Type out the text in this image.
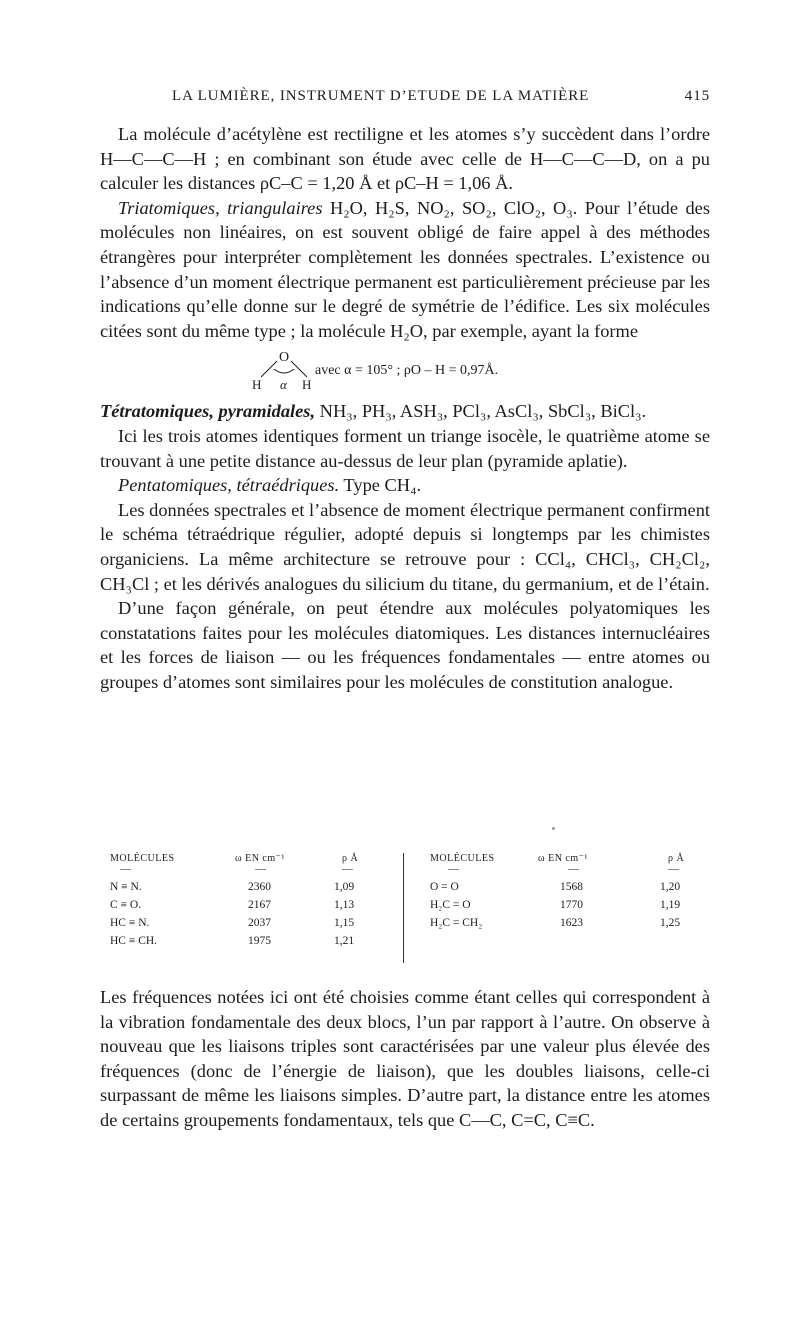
LA LUMIÈRE, INSTRUMENT D’ETUDE DE LA MATIÈRE	415

La molécule d’acétylène est rectiligne et les atomes s’y succèdent dans l’ordre H—C—C—H ; en combinant son étude avec celle de H—C—C—D, on a pu calculer les distances ρC–C = 1,20 Å et ρC–H = 1,06 Å.

Triatomiques, triangulaires H₂O, H₂S, NO₂, SO₂, ClO₂, O₃. Pour l’étude des molécules non linéaires, on est souvent obligé de faire appel à des méthodes étrangères pour interpréter complètement les données spectrales. L’existence ou l’absence d’un moment électrique permanent est particulièrement précieuse par les indications qu’elle donne sur le degré de symétrie de l’édifice. Les six molécules citées sont du même type ; la molécule H₂O, par exemple, ayant la forme

O
H α H
avec α = 105° ; ρO – H = 0,97Å.

Tétratomiques, pyramidales, NH₃, PH₃, ASH₃, PCl₃, AsCl₃, SbCl₃, BiCl₃.

Ici les trois atomes identiques forment un triange isocèle, le quatrième atome se trouvant à une petite distance au-dessus de leur plan (pyramide aplatie).

Pentatomiques, tétraédriques. Type CH₄.

Les données spectrales et l’absence de moment électrique permanent confirment le schéma tétraédrique régulier, adopté depuis si longtemps par les chimistes organiciens. La même architecture se retrouve pour : CCl₄, CHCl₃, CH₂Cl₂, CH₃Cl ; et les dérivés analogues du silicium du titane, du germanium, et de l’étain.

D’une façon générale, on peut étendre aux molécules polyatomiques les constatations faites pour les molécules diatomiques. Les distances internucléaires et les forces de liaison — ou les fréquences fondamentales — entre atomes ou groupes d’atomes sont similaires pour les molécules de constitution analogue.

MOLÉCULES	ω EN cm⁻¹	ρ Å
—	—	—
N ≡ N.	2360	1,09
C ≡ O.	2167	1,13
HC ≡ N.	2037	1,15
HC ≡ CH.	1975	1,21
MOLÉCULES	ω EN cm⁻¹	ρ Å
—	—	—
O = O	1568	1,20
H₂C = O	1770	1,19
H₂C = CH₂	1623	1,25

Les fréquences notées ici ont été choisies comme étant celles qui correspondent à la vibration fondamentale des deux blocs, l’un par rapport à l’autre. On observe à nouveau que les liaisons triples sont caractérisées par une valeur plus élevée des fréquences (donc de l’énergie de liaison), que les doubles liaisons, celle-ci surpassant de même les liaisons simples. D’autre part, la distance entre les atomes de certains groupements fondamentaux, tels que C—C, C=C, C≡C.
